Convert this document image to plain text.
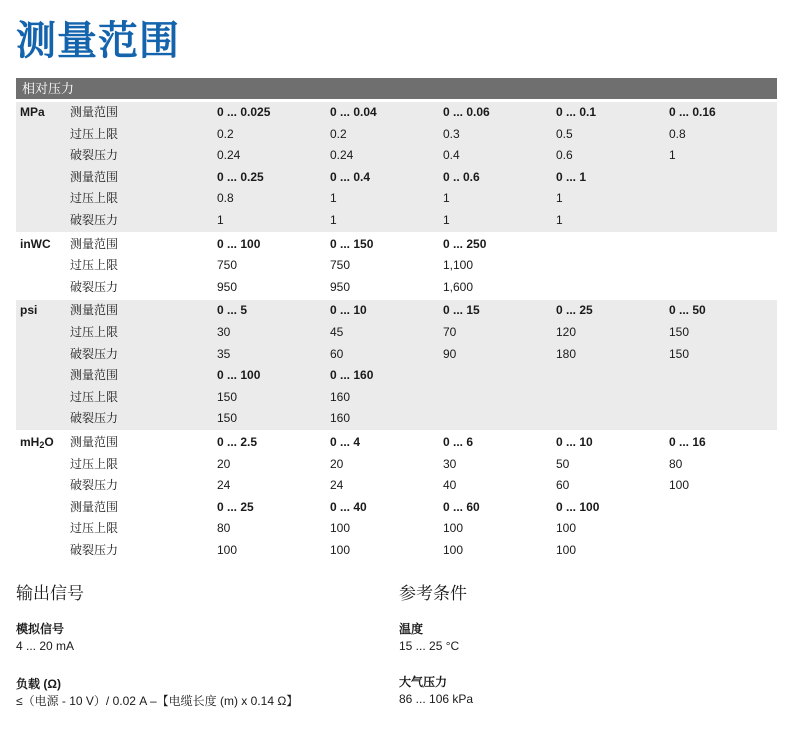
测量范围
相对压力
MPa 测量范围	0 ... 0.025	0 ... 0.04	0 ... 0.06	0 ... 0.1	0 ... 0.16
过压上限	0.2	0.2	0.3	0.5	0.8
破裂压力	0.24	0.24	0.4	0.6	1
测量范围	0 ... 0.25	0 ... 0.4	0 .. 0.6	0 ... 1
过压上限	0.8	1	1	1
破裂压力	1	1	1	1
inWC 测量范围	0 ... 100	0 ... 150	0 ... 250
过压上限	750	750	1,100
破裂压力	950	950	1,600
psi	测量范围	0 ... 5	0 ... 10	0 ... 15	0 ... 25	0 ... 50
过压上限	30	45	70	120	150
破裂压力	35	60	90	180	150
测量范围	0 ... 100	0 ... 160
过压上限	150	160
破裂压力	150	160
$mH_2O$ 测量范围	0 ... 2.5	0 ... 4	0 ... 6	0 ... 10	0 ... 16
过压上限	20	20	30	50	80
破裂压力	24	24	40	60	100
测量范围	0 ... 25	0 ... 40	0 ... 60	0 ... 100
过压上限	80	100	100	100
破裂压力	100	100	100	100
输出信号
模拟信号
4 ... 20 mA
负载 (Ω)
≤（电源 - 10 V）/ 0.02 A –【电缆长度 (m) x 0.14 Ω】
参考条件
温度
15 ... 25 °C
大气压力
86 ... 106 kPa
